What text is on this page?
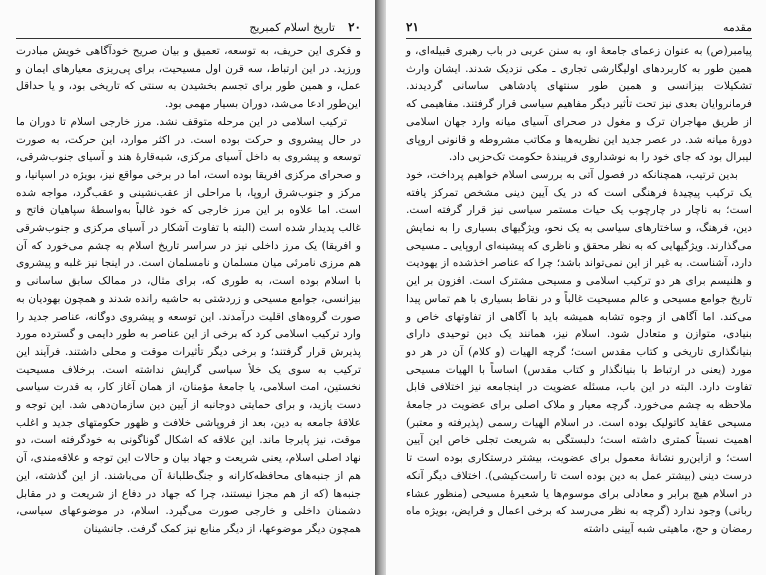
۲۰
تاریخ اسلام کمبریج

و فکری این حریف، به توسعه، تعمیق و بیان صریح خودآگاهی خویش مبادرت ورزید. در این ارتباط، سه قرن اول مسیحیت، برای پی‌ریزی معیارهای ایمان و عمل، و همین طور برای تجسم بخشیدن به سنتی که تاریخی بود، و یا حداقل این‌طور ادعا می‌شد، دوران بسیار مهمی بود.

ترکیب اسلامی در این مرحله متوقف نشد. مرز خارجی اسلام تا دوران ما در حال پیشروی و حرکت بوده است. در اکثر موارد، این حرکت، به صورت توسعه و پیشروی به داخل آسیای مرکزی، شبه‌قارهٔ هند و آسیای جنوب‌شرقی، و صحرای مرکزی افریقا بوده است، اما در برخی مواقع نیز، بویژه در اسپانیا، و مرکز و جنوب‌شرق اروپا، با مراحلی از عقب‌نشینی و عقب‌گرد، مواجه شده است. اما علاوه بر این مرز خارجی که خود غالباً به‌واسطهٔ سپاهیان فاتح و غالب پدیدار شده است (البته با تفاوت آشکار در آسیای مرکزی و جنوب‌شرقی و افریقا) یک مرز داخلی نیز در سراسر تاریخ اسلام به چشم می‌خورد که آن هم مرزی نامرئی میان مسلمان و نامسلمان است. در اینجا نیز غلبه و پیشروی با اسلام بوده است، به طوری که، برای مثال، در ممالک سابق ساسانی و بیزانسی، جوامع مسیحی و زردشتی به حاشیه رانده شدند و همچون بهودیان به صورت گروه‌های اقلیت درآمدند. این توسعه و پیشروی دوگانه، عناصر جدید را وارد ترکیب اسلامی کرد که برخی از این عناصر به طور دایمی و گسترده مورد پذیرش قرار گرفتند؛ و برخی دیگر تأثیرات موقت و محلی داشتند. فرآیند این ترکیب به سوی یک خلأ سیاسی گرایش نداشته است. برخلاف مسیحیت نخستین، امت اسلامی، یا جامعهٔ مؤمنان، از همان آغاز کار، به قدرت سیاسی دست یازید، و برای حمایتی دوجانبه از آیین دین سازمان‌دهی شد. این توجه و علاقهٔ جامعه به دین، بعد از فروپاشی خلافت و ظهور حکومتهای جدید و اغلب موقت، نیز پابرجا ماند. این علاقه که اشکال گوناگونی به خودگرفته است، دو نهاد اصلی اسلام، یعنی شریعت و جهاد بیان و حالات این توجه و علاقه‌مندی، آن هم از جنبه‌های محافظه‌کارانه و جنگ‌طلبانهٔ آن می‌باشند. از این گذشته، این جنبه‌ها (که از هم مجزا نیستند، چرا که جهاد در دفاع از شریعت و در مقابل دشمنان داخلی و خارجی صورت می‌گیرد. اسلام، در موضوعهای سیاسی، همچون دیگر موضوعها، از دیگر منابع نیز کمک گرفت. جانشینان

مقدمه
۲۱

پیامبر(ص) به عنوان زعمای جامعهٔ او، به سنن عربی در باب رهبری قبیله‌ای، و همین طور به کاربردهای اولیگارشی تجاری ـ مکی نزدیک شدند. ایشان وارث تشکیلات بیزانسی و همین طور سنتهای پادشاهی ساسانی گردیدند. فرمانروایان بعدی نیز تحت تأثیر دیگر مفاهیم سیاسی قرار گرفتند. مفاهیمی که از طریق مهاجران ترک و مغول در صحرای آسیای میانه وارد جهان اسلامی دورهٔ میانه شد. در عصر جدید این نظریه‌ها و مکاتب مشروطه و قانونی اروپای لیبرال بود که جای خود را به نوشداروی فریبندهٔ حکومت تک‌حزبی داد.

بدین ترتیب، همچنانکه در فصول آتی به بررسی اسلام خواهیم پرداخت، خود یک ترکیب پیچیدهٔ فرهنگی است که در یک آیین دینی مشخص تمرکز یافته است؛ به ناچار در چارچوب یک حیات مستمر سیاسی نیز قرار گرفته است. دین، فرهنگ، و ساختارهای سیاسی به یک نحو، ویژگیهای بسیاری را به نمایش می‌گذارند. ویژگیهایی که به نظر محقق و ناظری که پیشینه‌ای اروپایی ـ مسیحی دارد، آشناست. به غیر از این نمی‌تواند باشد؛ چرا که عناصر اخذشده از یهودیت و هلنیسم برای هر دو ترکیب اسلامی و مسیحی مشترک است. افزون بر این تاریخ جوامع مسیحی و عالم مسیحیت غالباً و در نقاط بسیاری با هم تماس پیدا می‌کند. اما آگاهی از وجوه تشابه همیشه باید با آگاهی از تفاوتهای خاص و بنیادی، متوازن و متعادل شود. اسلام نیز، همانند یک دین توحیدی دارای بنیانگذاری تاریخی و کتاب مقدس است؛ گرچه الهیات (و کلام) آن در هر دو مورد (یعنی در ارتباط با بنیانگذار و کتاب مقدس) اساساً با الهیات مسیحی تفاوت دارد. البته در این باب، مسئله عضویت در اینجامعه نیز اختلافی قابل ملاحظه به چشم می‌خورد. گرچه معیار و ملاک اصلی برای عضویت در جامعهٔ مسیحی عقاید کاتولیک بوده است. در اسلام الهیات رسمی (پذیرفته و معتبر) اهمیت نسبتاً کمتری داشته است؛ دلبستگی به شریعت تجلی خاص این آیین است؛ و ازاین‌رو نشانهٔ معمول برای عضویت، بیشتر درستکاری بوده است تا درست دینی (بیشتر عمل به دین بوده است تا راست‌کیشی). اختلاف دیگر آنکه در اسلام هیچ برابر و معادلی برای موسوم‌ها یا شعیرهٔ مسیحی (منظور عشاء ربانی) وجود ندارد (گرچه به نظر می‌رسد که برخی اعمال و فرایض، بویژه ماه رمضان و حج، ماهیتی شبه آیینی داشته
